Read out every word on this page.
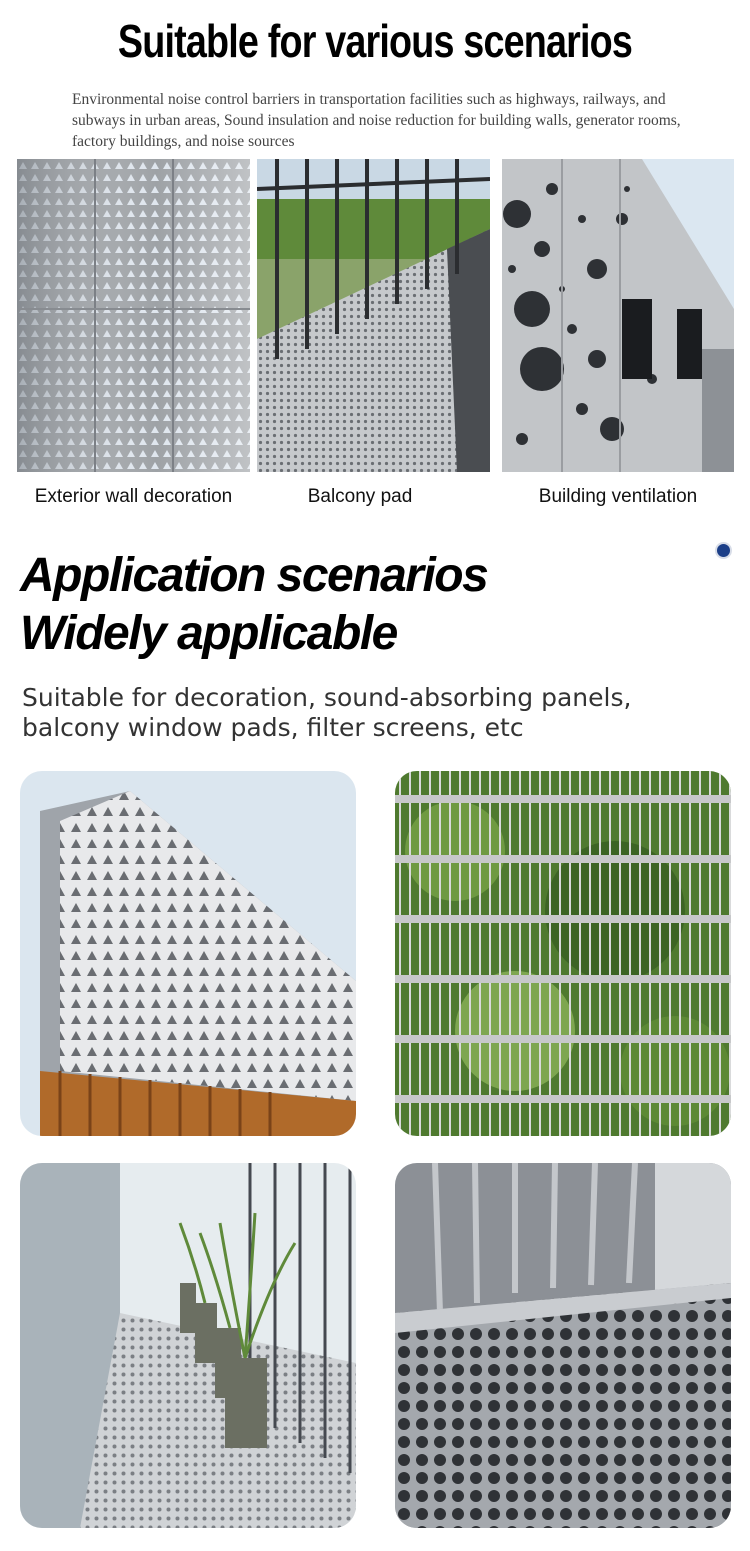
Suitable for various scenarios
Environmental noise control barriers in transportation facilities such as highways, railways, and subways in urban areas, Sound insulation and noise reduction for building walls, generator rooms, factory buildings, and noise sources
Exterior wall decoration	Balcony pad	Building ventilation
Application scenarios
Widely applicable
Suitable for decoration, sound-absorbing panels,
balcony window pads, filter screens, etc
